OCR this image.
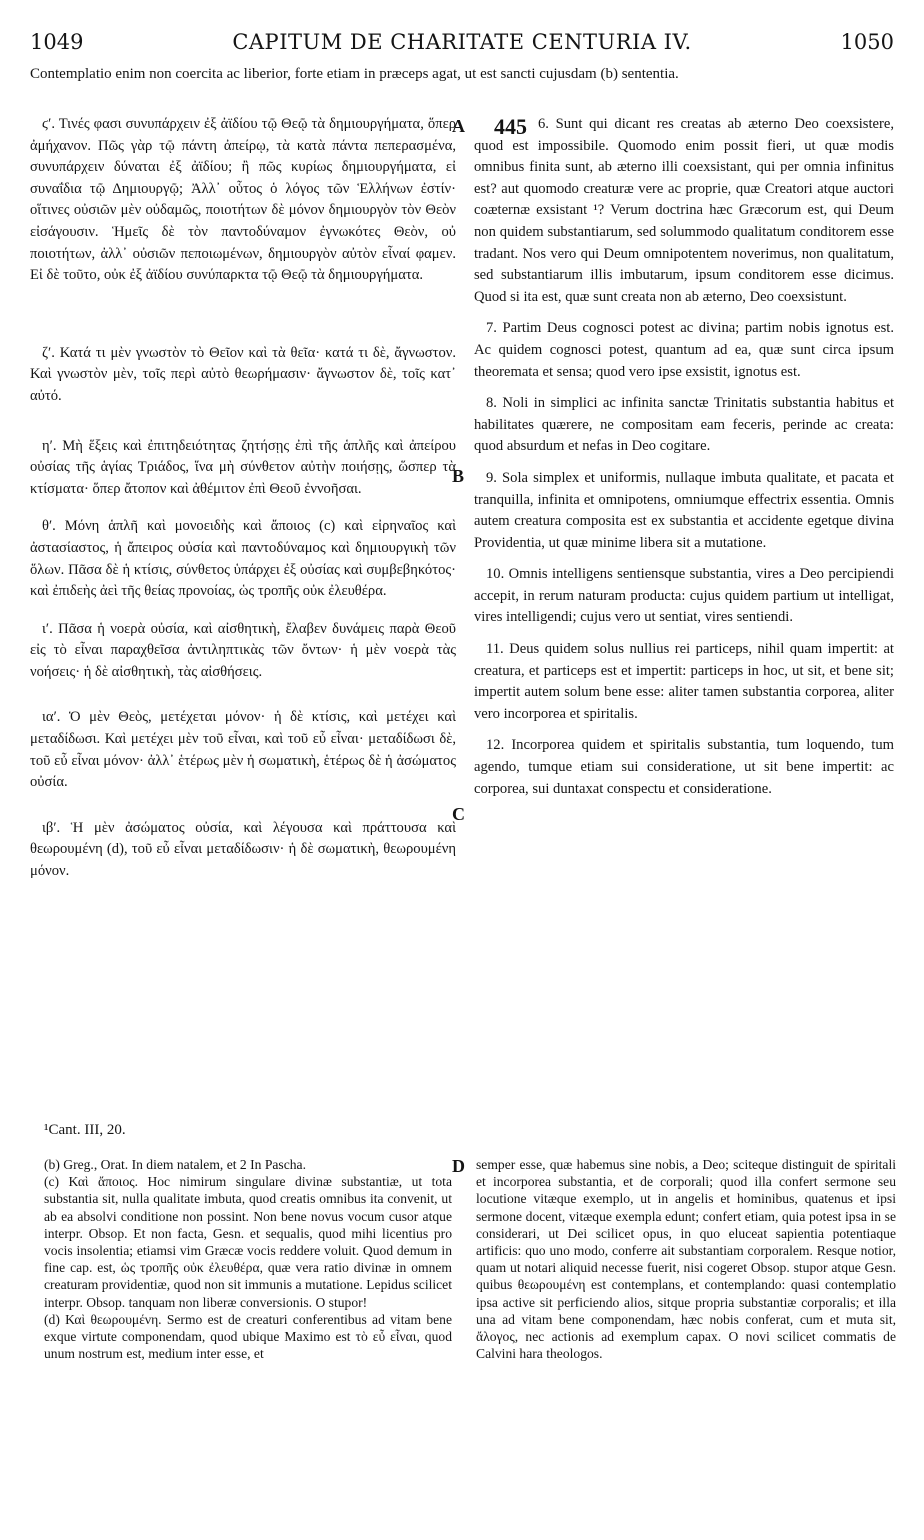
1049	CAPITUM DE CHARITATE CENTURIA IV.	1050
Contemplatio enim non coercita ac liberior, forte etiam in præceps agat, ut est sancti cujusdam (b) sententia.

ϛʹ. Τινές φασι συνυπάρχειν ἐξ ἀϊδίου τῷ Θεῷ τὰ δημιουργήματα, ὅπερ ἀμήχανον. Πῶς γὰρ τῷ πάντη ἀπείρῳ, τὰ κατὰ πάντα πεπερασμένα, συνυπάρχειν δύναται ἐξ ἀϊδίου; ἢ πῶς κυρίως δημιουργήματα, εἰ συναΐδια τῷ Δημιουργῷ; Ἀλλ᾽ οὗτος ὁ λόγος τῶν Ἑλλήνων ἐστίν· οἵτινες οὐσιῶν μὲν οὐδαμῶς, ποιοτήτων δὲ μόνον δημιουργὸν τὸν Θεὸν εἰσάγουσιν. Ἡμεῖς δὲ τὸν παντοδύναμον ἐγνωκότες Θεὸν, οὐ ποιοτήτων, ἀλλ᾽ οὐσιῶν πεποιωμένων, δημιουργὸν αὐτὸν εἶναί φαμεν. Εἰ δὲ τοῦτο, οὐκ ἐξ ἀϊδίου συνύπαρκτα τῷ Θεῷ τὰ δημιουργήματα.

ζʹ. Κατά τι μὲν γνωστὸν τὸ Θεῖον καὶ τὰ θεῖα· κατά τι δὲ, ἄγνωστον. Καὶ γνωστὸν μὲν, τοῖς περὶ αὐτὸ θεωρήμασιν· ἄγνωστον δὲ, τοῖς κατ᾽ αὐτό.

ηʹ. Μὴ ἕξεις καὶ ἐπιτηδειότητας ζητήσῃς ἐπὶ τῆς ἁπλῆς καὶ ἀπείρου οὐσίας τῆς ἁγίας Τριάδος, ἵνα μὴ σύνθετον αὐτὴν ποιήσῃς, ὥσπερ τὰ κτίσματα· ὅπερ ἄτοπον καὶ ἀθέμιτον ἐπὶ Θεοῦ ἐννοῆσαι.

θʹ. Μόνη ἁπλῆ καὶ μονοειδὴς καὶ ἄποιος (c) καὶ εἰρηναῖος καὶ ἀστασίαστος, ἡ ἄπειρος οὐσία καὶ παντοδύναμος καὶ δημιουργικὴ τῶν ὅλων. Πᾶσα δὲ ἡ κτίσις, σύνθετος ὑπάρχει ἐξ οὐσίας καὶ συμβεβηκότος· καὶ ἐπιδεὴς ἀεὶ τῆς θείας προνοίας, ὡς τροπῆς οὐκ ἐλευθέρα.

ιʹ. Πᾶσα ἡ νοερὰ οὐσία, καὶ αἰσθητικὴ, ἔλαβεν δυνάμεις παρὰ Θεοῦ εἰς τὸ εἶναι παραχθεῖσα ἀντιληπτικὰς τῶν ὄντων· ἡ μὲν νοερὰ τὰς νοήσεις· ἡ δὲ αἰσθητικὴ, τὰς αἰσθήσεις.

ιαʹ. Ὁ μὲν Θεὸς, μετέχεται μόνον· ἡ δὲ κτίσις, καὶ μετέχει καὶ μεταδίδωσι. Καὶ μετέχει μὲν τοῦ εἶναι, καὶ τοῦ εὖ εἶναι· μεταδίδωσι δὲ, τοῦ εὖ εἶναι μόνον· ἀλλ᾽ ἑτέρως μὲν ἡ σωματικὴ, ἑτέρως δὲ ἡ ἀσώματος οὐσία.

ιβʹ. Ἡ μὲν ἀσώματος οὐσία, καὶ λέγουσα καὶ πράττουσα καὶ θεωρουμένη (d), τοῦ εὖ εἶναι μεταδίδωσιν· ἡ δὲ σωματικὴ, θεωρουμένη μόνον.

A
B
C
D

6. Sunt qui dicant res creatas ab æterno Deo coexsistere, quod est impossibile. Quomodo enim possit fieri, ut quæ modis omnibus finita sunt, ab æterno illi coexsistant, qui per omnia infinitus est? aut quomodo creaturæ vere ac proprie, quæ Creatori atque auctori coæternæ exsistant ¹? Verum doctrina hæc Græcorum est, qui Deum non quidem substantiarum, sed solummodo qualitatum conditorem esse tradant. Nos vero qui Deum omnipotentem noverimus, non qualitatum, sed substantiarum illis imbutarum, ipsum conditorem esse dicimus. Quod si ita est, quæ sunt creata non ab æterno, Deo coexsistunt.

7. Partim Deus cognosci potest ac divina; partim nobis ignotus est. Ac quidem cognosci potest, quantum ad ea, quæ sunt circa ipsum theoremata et sensa; quod vero ipse exsistit, ignotus est.

8. Noli in simplici ac infinita sanctæ Trinitatis substantia habitus et habilitates quærere, ne compositam eam feceris, perinde ac creata: quod absurdum et nefas in Deo cogitare.

9. Sola simplex et uniformis, nullaque imbuta qualitate, et pacata et tranquilla, infinita et omnipotens, omniumque effectrix essentia. Omnis autem creatura composita est ex substantia et accidente egetque divina Providentia, ut quæ minime libera sit a mutatione.

10. Omnis intelligens sentiensque substantia, vires a Deo percipiendi accepit, in rerum naturam producta: cujus quidem partium ut intelligat, vires intelligendi; cujus vero ut sentiat, vires sentiendi.

11. Deus quidem solus nullius rei particeps, nihil quam impertit: at creatura, et particeps est et impertit: particeps in hoc, ut sit, et bene sit; impertit autem solum bene esse: aliter tamen substantia corporea, aliter vero incorporea et spiritalis.

12. Incorporea quidem et spiritalis substantia, tum loquendo, tum agendo, tumque etiam sui consideratione, ut sit bene impertit: ac corporea, sui duntaxat conspectu et consideratione.

445
¹Cant. III, 20.

(b) Greg., Orat. In diem natalem, et 2 In Pascha.

(c) Καὶ ἄποιος. Hoc nimirum singulare divinæ substantiæ, ut tota substantia sit, nulla qualitate imbuta, quod creatis omnibus ita convenit, ut ab ea absolvi conditione non possint. Non bene novus vocum cusor atque interpr. Obsop. Et non facta, Gesn. et sequalis, quod mihi licentius pro vocis insolentia; etiamsi vim Græcæ vocis reddere voluit. Quod demum in fine cap. est, ὡς τροπῆς οὐκ ἐλευθέρα, quæ vera ratio divinæ in omnem creaturam providentiæ, quod non sit immunis a mutatione. Lepidus scilicet interpr. Obsop. tanquam non liberæ conversionis. O stupor!

(d) Καὶ θεωρουμένη. Sermo est de creaturi conferentibus ad vitam bene exque virtute componendam, quod ubique Maximo est τὸ εὖ εἶναι, quod unum nostrum est, medium inter esse, et

semper esse, quæ habemus sine nobis, a Deo; sciteque distinguit de spiritali et incorporea substantia, et de corporali; quod illa confert sermone seu locutione vitæque exemplo, ut in angelis et hominibus, quatenus et ipsi sermone docent, vitæque exempla edunt; confert etiam, quia potest ipsa in se considerari, ut Dei scilicet opus, in quo eluceat sapientia potentiaque artificis: quo uno modo, conferre ait substantiam corporalem. Resque notior, quam ut notari aliquid necesse fuerit, nisi cogeret Obsop. stupor atque Gesn. quibus θεωρουμένη est contemplans, et contemplando: quasi contemplatio ipsa active sit perficiendo alios, sitque propria substantiæ corporalis; et illa una ad vitam bene componendam, hæc nobis conferat, cum et muta sit, ἄλογος, nec actionis ad exemplum capax. O novi scilicet commatis de Calvini hara theologos.
